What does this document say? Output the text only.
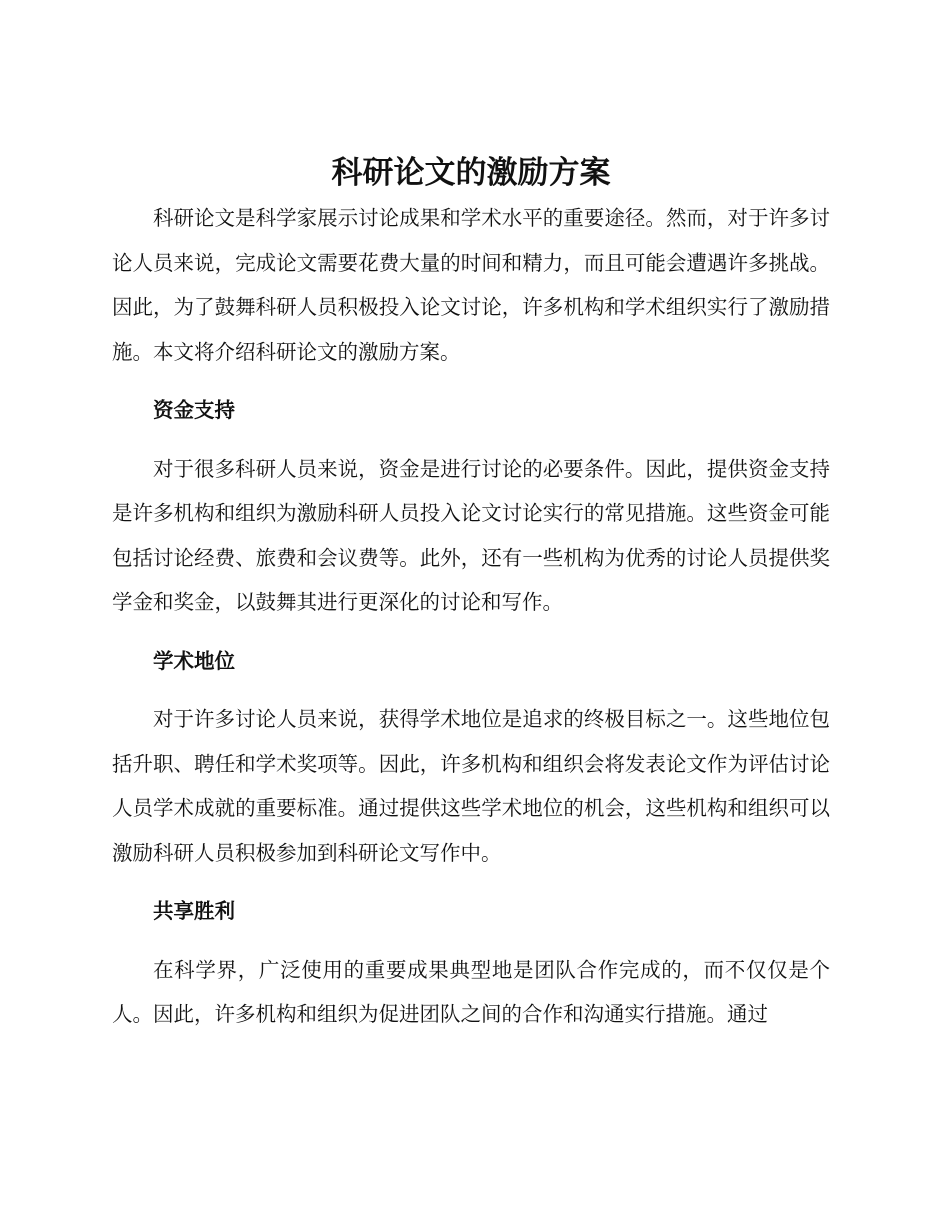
科研论文的激励方案

科研论文是科学家展示讨论成果和学术水平的重要途径。然而，对于许多讨论人员来说，完成论文需要花费大量的时间和精力，而且可能会遭遇许多挑战。因此，为了鼓舞科研人员积极投入论文讨论，许多机构和学术组织实行了激励措施。本文将介绍科研论文的激励方案。

资金支持

对于很多科研人员来说，资金是进行讨论的必要条件。因此，提供资金支持是许多机构和组织为激励科研人员投入论文讨论实行的常见措施。这些资金可能包括讨论经费、旅费和会议费等。此外，还有一些机构为优秀的讨论人员提供奖学金和奖金，以鼓舞其进行更深化的讨论和写作。

学术地位

对于许多讨论人员来说，获得学术地位是追求的终极目标之一。这些地位包括升职、聘任和学术奖项等。因此，许多机构和组织会将发表论文作为评估讨论人员学术成就的重要标准。通过提供这些学术地位的机会，这些机构和组织可以激励科研人员积极参加到科研论文写作中。

共享胜利

在科学界，广泛使用的重要成果典型地是团队合作完成的，而不仅仅是个人。因此，许多机构和组织为促进团队之间的合作和沟通实行措施。通过
